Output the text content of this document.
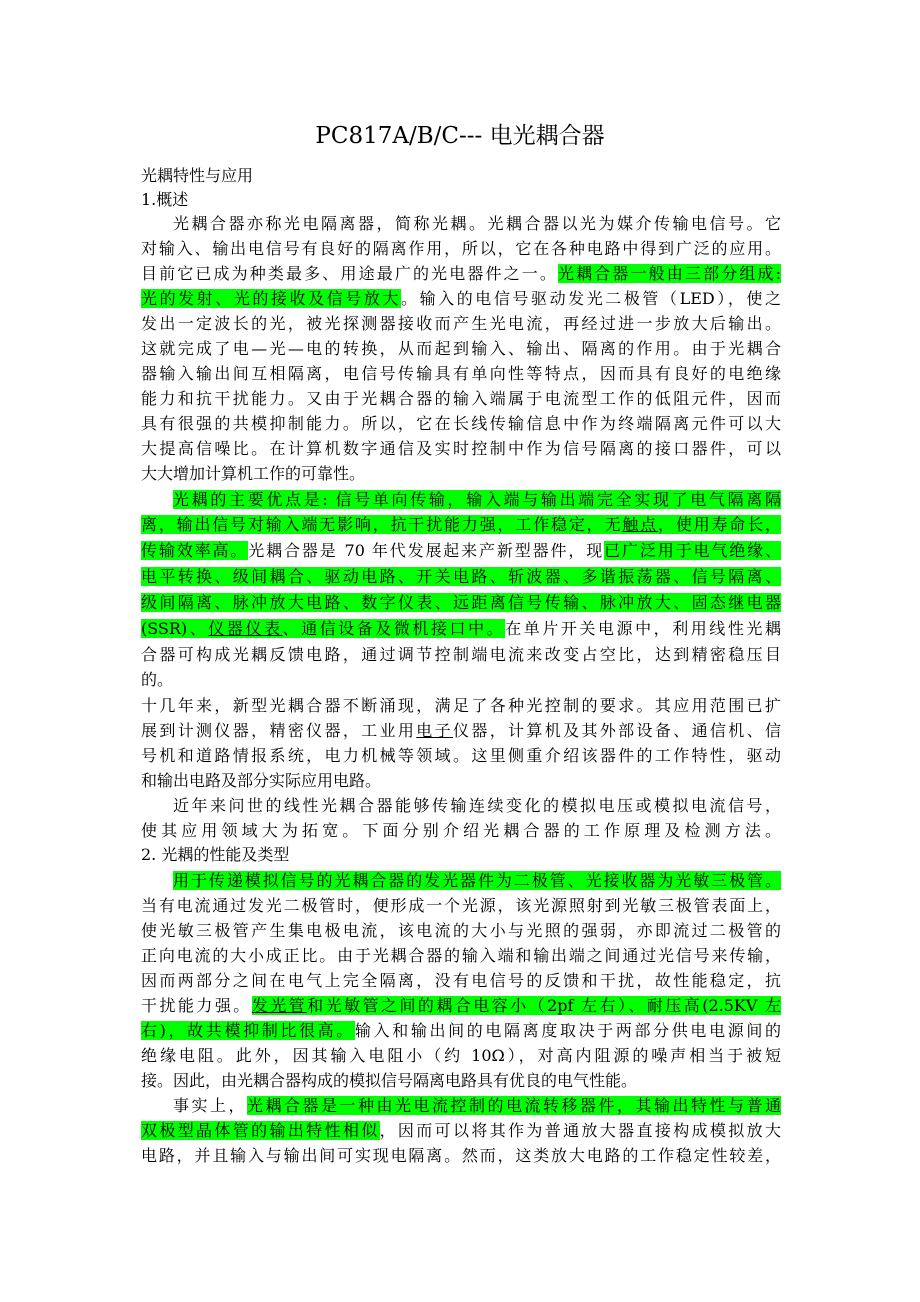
PC817A/B/C--- 电光耦合器
光耦特性与应用
1.概述
光耦合器亦称光电隔离器，简称光耦。光耦合器以光为媒介传输电信号。它
对输入、输出电信号有良好的隔离作用，所以，它在各种电路中得到广泛的应用。
目前它已成为种类最多、用途最广的光电器件之一。光耦合器一般由三部分组成:
光的发射、光的接收及信号放大。输入的电信号驱动发光二极管（LED），使之
发出一定波长的光，被光探测器接收而产生光电流，再经过进一步放大后输出。
这就完成了电—光—电的转换，从而起到输入、输出、隔离的作用。由于光耦合
器输入输出间互相隔离，电信号传输具有单向性等特点，因而具有良好的电绝缘
能力和抗干扰能力。又由于光耦合器的输入端属于电流型工作的低阻元件，因而
具有很强的共模抑制能力。所以，它在长线传输信息中作为终端隔离元件可以大
大提高信噪比。在计算机数字通信及实时控制中作为信号隔离的接口器件，可以
大大增加计算机工作的可靠性。
光耦的主要优点是: 信号单向传输，输入端与输出端完全实现了电气隔离隔
离，输出信号对输入端无影响，抗干扰能力强，工作稳定，无触点，使用寿命长，
传输效率高。光耦合器是 70 年代发展起来产新型器件，现已广泛用于电气绝缘、
电平转换、级间耦合、驱动电路、开关电路、斩波器、多谐振荡器、信号隔离、
级间隔离、脉冲放大电路、数字仪表、远距离信号传输、脉冲放大、固态继电器
(SSR)、仪器仪表、通信设备及微机接口中。在单片开关电源中，利用线性光耦
合器可构成光耦反馈电路，通过调节控制端电流来改变占空比，达到精密稳压目
的。
十几年来，新型光耦合器不断涌现，满足了各种光控制的要求。其应用范围已扩
展到计测仪器，精密仪器，工业用电子仪器，计算机及其外部设备、通信机、信
号机和道路情报系统，电力机械等领域。这里侧重介绍该器件的工作特性，驱动
和输出电路及部分实际应用电路。
近年来问世的线性光耦合器能够传输连续变化的模拟电压或模拟电流信号，
使其应用领域大为拓宽。下面分别介绍光耦合器的工作原理及检测方法。
2. 光耦的性能及类型
用于传递模拟信号的光耦合器的发光器件为二极管、光接收器为光敏三极管。
当有电流通过发光二极管时，便形成一个光源，该光源照射到光敏三极管表面上，
使光敏三极管产生集电极电流，该电流的大小与光照的强弱，亦即流过二极管的
正向电流的大小成正比。由于光耦合器的输入端和输出端之间通过光信号来传输，
因而两部分之间在电气上完全隔离，没有电信号的反馈和干扰，故性能稳定，抗
干扰能力强。发光管和光敏管之间的耦合电容小（2pf 左右）、耐压高(2.5KV 左
右)，故共模抑制比很高。输入和输出间的电隔离度取决于两部分供电电源间的
绝缘电阻。此外，因其输入电阻小（约 10Ω），对高内阻源的噪声相当于被短
接。因此，由光耦合器构成的模拟信号隔离电路具有优良的电气性能。
事实上，光耦合器是一种由光电流控制的电流转移器件，其输出特性与普通
双极型晶体管的输出特性相似，因而可以将其作为普通放大器直接构成模拟放大
电路，并且输入与输出间可实现电隔离。然而，这类放大电路的工作稳定性较差，
